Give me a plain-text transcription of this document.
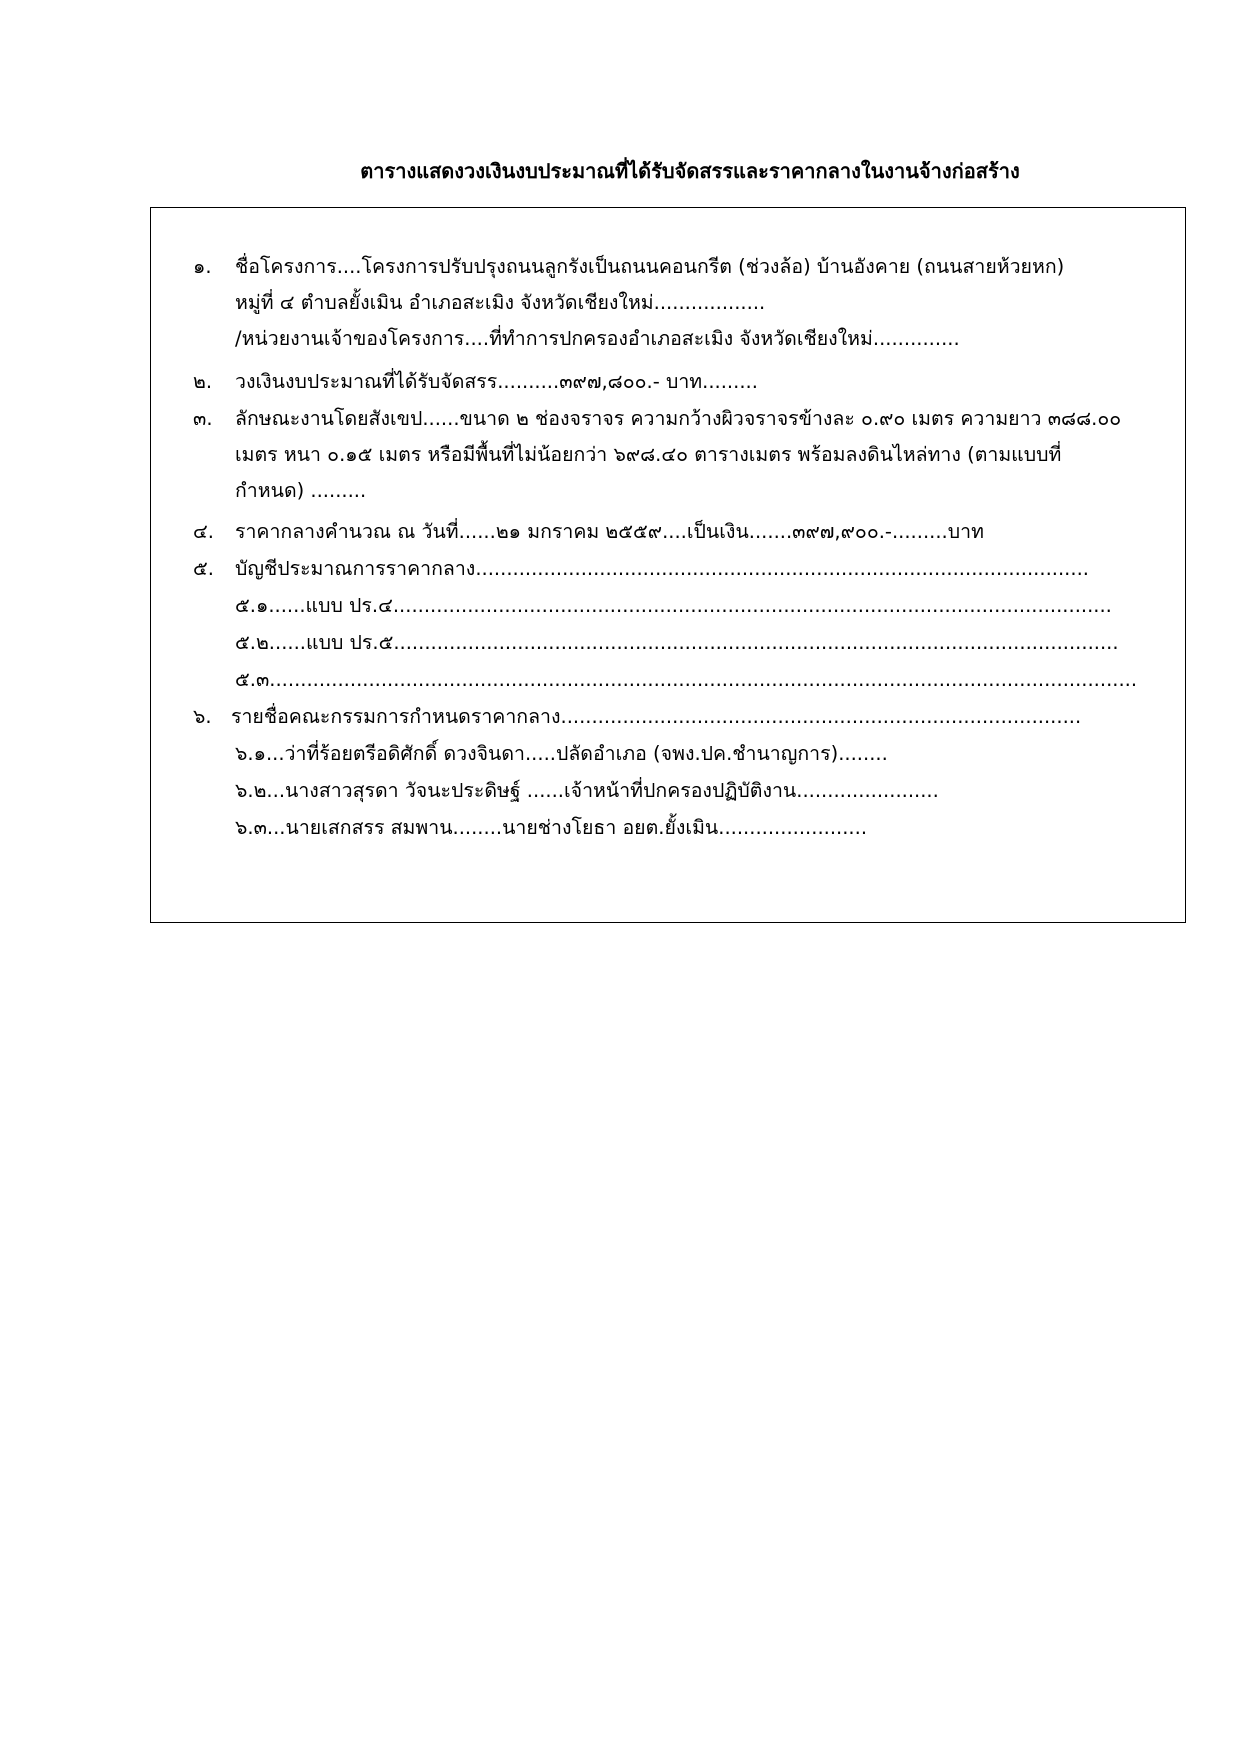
ตารางแสดงวงเงินงบประมาณที่ได้รับจัดสรรและราคากลางในงานจ้างก่อสร้าง
๑. ชื่อโครงการ....โครงการปรับปรุงถนนลูกรังเป็นถนนคอนกรีต (ช่วงล้อ) บ้านอังคาย (ถนนสายห้วยหก)
หมู่ที่ ๔ ตำบลยั้งเมิน อำเภอสะเมิง จังหวัดเชียงใหม่..................
/หน่วยงานเจ้าของโครงการ....ที่ทำการปกครองอำเภอสะเมิง จังหวัดเชียงใหม่..............
๒. วงเงินงบประมาณที่ได้รับจัดสรร..........๓๙๗,๘๐๐.- บาท.........
๓. ลักษณะงานโดยสังเขป......ขนาด ๒ ช่องจราจร ความกว้างผิวจราจรข้างละ ๐.๙๐ เมตร ความยาว ๓๘๘.๐๐
เมตร หนา ๐.๑๕ เมตร หรือมีพื้นที่ไม่น้อยกว่า ๖๙๘.๔๐ ตารางเมตร พร้อมลงดินไหล่ทาง (ตามแบบที่
กำหนด) .........
๔. ราคากลางคำนวณ ณ วันที่......๒๑ มกราคม ๒๕๕๙....เป็นเงิน.......๓๙๗,๙๐๐.-.........บาท
๕. บัญชีประมาณการราคากลาง...................................................................................................
๕.๑......แบบ ปร.๔....................................................................................................................
๕.๒......แบบ ปร.๕.....................................................................................................................
๕.๓............................................................................................................................................
๖. รายชื่อคณะกรรมการกำหนดราคากลาง....................................................................................
๖.๑...ว่าที่ร้อยตรีอดิศักดิ์ ดวงจินดา.....ปลัดอำเภอ (จพง.ปค.ชำนาญการ)........
๖.๒...นางสาวสุรดา วัจนะประดิษฐ์ ......เจ้าหน้าที่ปกครองปฏิบัติงาน.......................
๖.๓...นายเสกสรร สมพาน........นายช่างโยธา อยต.ยั้งเมิน........................
